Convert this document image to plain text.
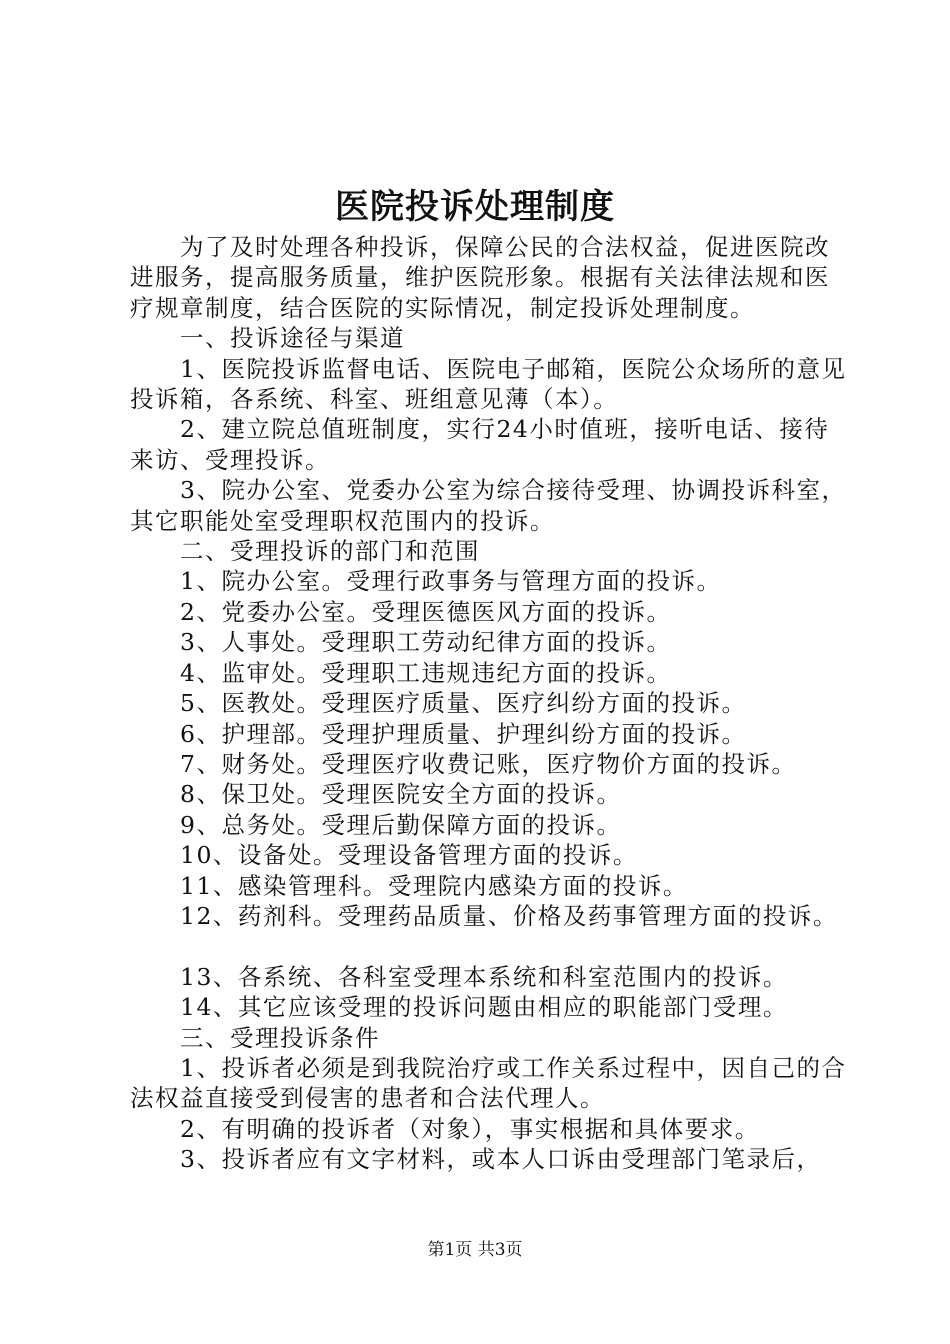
医院投诉处理制度

为了及时处理各种投诉，保障公民的合法权益，促进医院改进服务，提高服务质量，维护医院形象。根据有关法律法规和医疗规章制度，结合医院的实际情况，制定投诉处理制度。

一、投诉途径与渠道

1、医院投诉监督电话、医院电子邮箱，医院公众场所的意见投诉箱，各系统、科室、班组意见薄（本）。

2、建立院总值班制度，实行24小时值班，接听电话、接待来访、受理投诉。

3、院办公室、党委办公室为综合接待受理、协调投诉科室，其它职能处室受理职权范围内的投诉。

二、受理投诉的部门和范围

1、院办公室。受理行政事务与管理方面的投诉。

2、党委办公室。受理医德医风方面的投诉。

3、人事处。受理职工劳动纪律方面的投诉。

4、监审处。受理职工违规违纪方面的投诉。

5、医教处。受理医疗质量、医疗纠纷方面的投诉。

6、护理部。受理护理质量、护理纠纷方面的投诉。

7、财务处。受理医疗收费记账，医疗物价方面的投诉。

8、保卫处。受理医院安全方面的投诉。

9、总务处。受理后勤保障方面的投诉。

10、设备处。受理设备管理方面的投诉。

11、感染管理科。受理院内感染方面的投诉。

12、药剂科。受理药品质量、价格及药事管理方面的投诉。

13、各系统、各科室受理本系统和科室范围内的投诉。

14、其它应该受理的投诉问题由相应的职能部门受理。

三、受理投诉条件

1、投诉者必须是到我院治疗或工作关系过程中，因自己的合法权益直接受到侵害的患者和合法代理人。

2、有明确的投诉者（对象），事实根据和具体要求。

3、投诉者应有文字材料，或本人口诉由受理部门笔录后，

第1页 共3页
